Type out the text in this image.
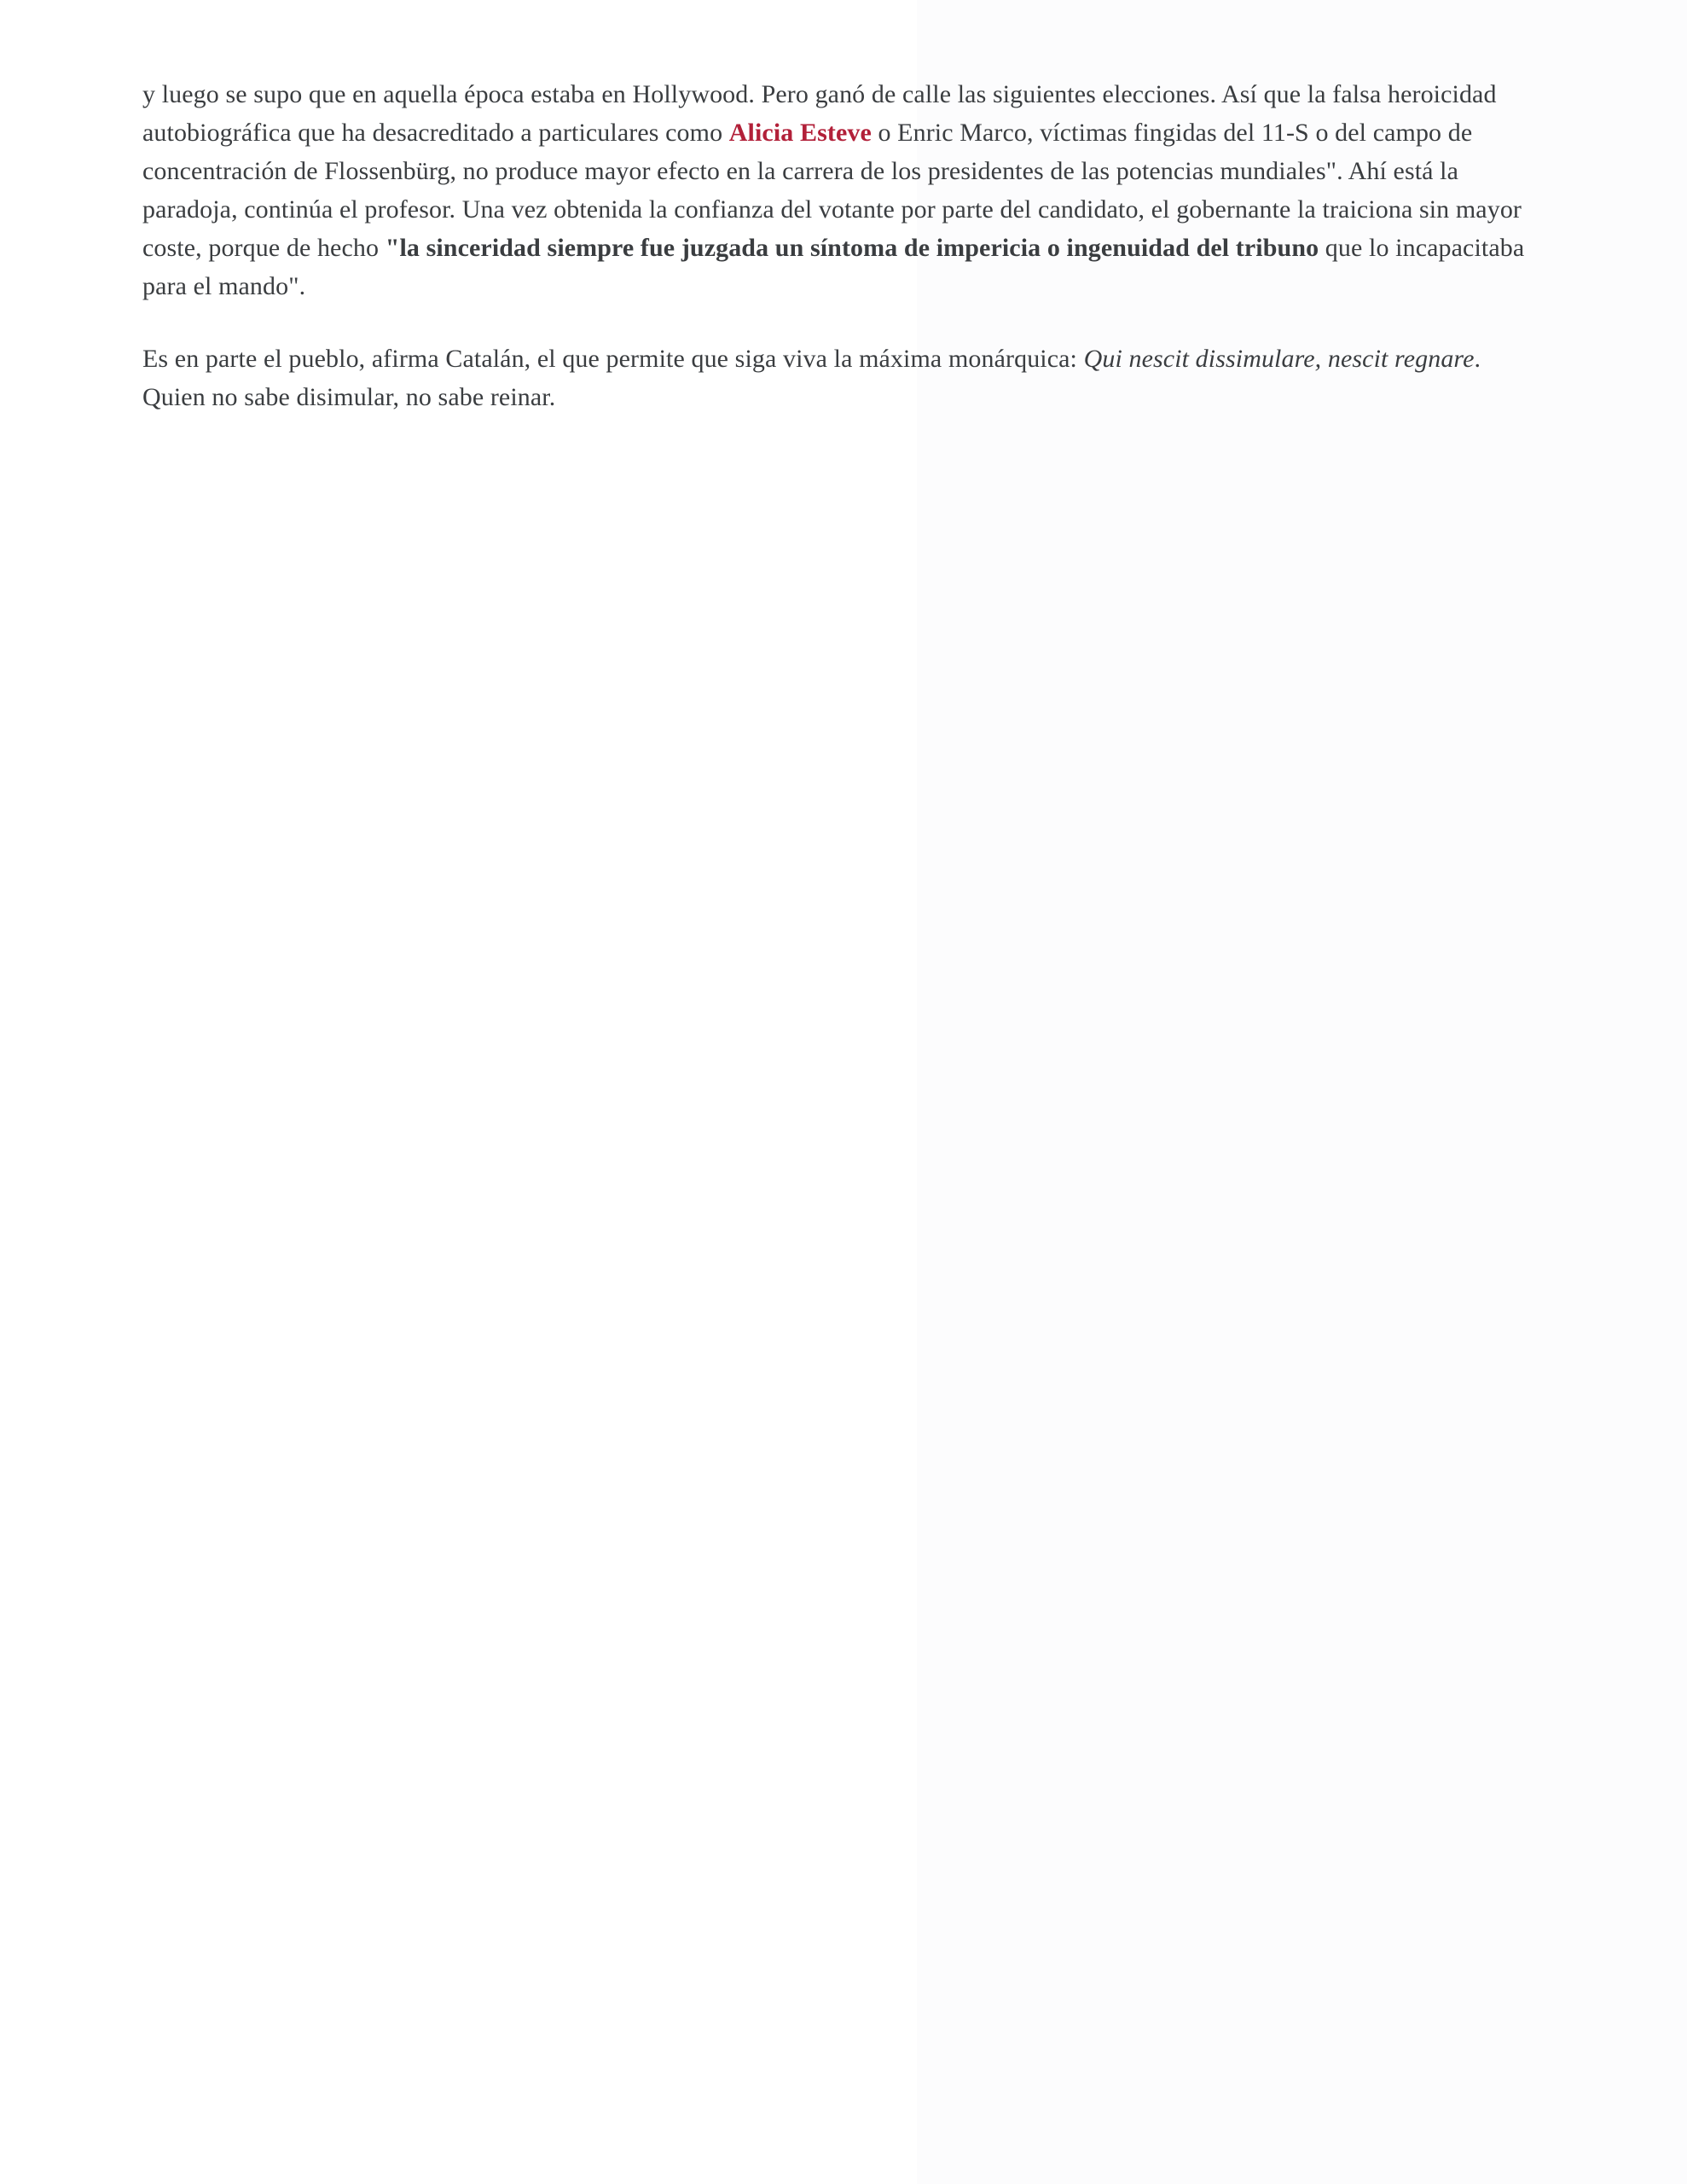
y luego se supo que en aquella época estaba en Hollywood. Pero ganó de calle las siguientes elecciones. Así que la falsa heroicidad autobiográfica que ha desacreditado a particulares como Alicia Esteve o Enric Marco, víctimas fingidas del 11-S o del campo de concentración de Flossenbürg, no produce mayor efecto en la carrera de los presidentes de las potencias mundiales". Ahí está la paradoja, continúa el profesor. Una vez obtenida la confianza del votante por parte del candidato, el gobernante la traiciona sin mayor coste, porque de hecho "la sinceridad siempre fue juzgada un síntoma de impericia o ingenuidad del tribuno que lo incapacitaba para el mando".

Es en parte el pueblo, afirma Catalán, el que permite que siga viva la máxima monárquica: Qui nescit dissimulare, nescit regnare. Quien no sabe disimular, no sabe reinar.
